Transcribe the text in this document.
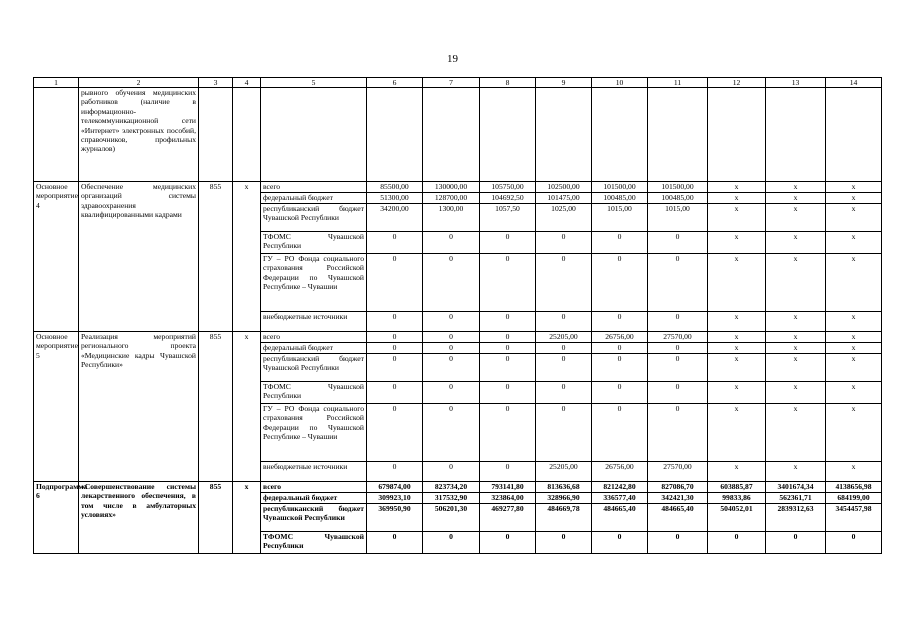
19
1	2	3	4	5	6	7	8	9	10	11	12	13	14
	рывного обучения медицинских работников (наличие в информационно-телекоммуникационной сети «Интернет» электронных пособий, справочников, профильных журналов)												
Основное мероприятие 4	Обеспечение медицинских организаций системы здравоохранения квалифицированными кадрами	855	х	всего	85500,00	130000,00	105750,00	102500,00	101500,00	101500,00	х	х	х
				федеральный бюджет	51300,00	128700,00	104692,50	101475,00	100485,00	100485,00	х	х	х
				республиканский бюджет Чувашской Республики	34200,00	1300,00	1057,50	1025,00	1015,00	1015,00	х	х	х
				ТФОМС Чувашской Республики	0	0	0	0	0	0	х	х	х
				ГУ – РО Фонда социального страхования Российской Федерации по Чувашской Республике – Чувашии	0	0	0	0	0	0	х	х	х
				внебюджетные источники	0	0	0	0	0	0	х	х	х
Основное мероприятие 5	Реализация мероприятий регионального проекта «Медицинские кадры Чувашской Республики»	855	х	всего	0	0	0	25205,00	26756,00	27570,00	х	х	х
				федеральный бюджет	0	0	0	0	0	0	х	х	х
				республиканский бюджет Чувашской Республики	0	0	0	0	0	0	х	х	х
				ТФОМС Чувашской Республики	0	0	0	0	0	0	х	х	х
				ГУ – РО Фонда социального страхования Российской Федерации по Чувашской Республике – Чувашии	0	0	0	0	0	0	х	х	х
				внебюджетные источники	0	0	0	25205,00	26756,00	27570,00	х	х	х
Подпрограмма 6	«Совершенствование системы лекарственного обеспечения, в том числе в амбулаторных условиях»	855	х	всего	679874,00	823734,20	793141,80	813636,68	821242,80	827086,70	603885,87	3401674,34	4138656,98
				федеральный бюджет	309923,10	317532,90	323864,00	328966,90	336577,40	342421,30	99833,86	562361,71	684199,00
				республиканский бюджет Чувашской Республики	369950,90	506201,30	469277,80	484669,78	484665,40	484665,40	504052,01	2839312,63	3454457,98
				ТФОМС Чувашской Республики	0	0	0	0	0	0	0	0	0
